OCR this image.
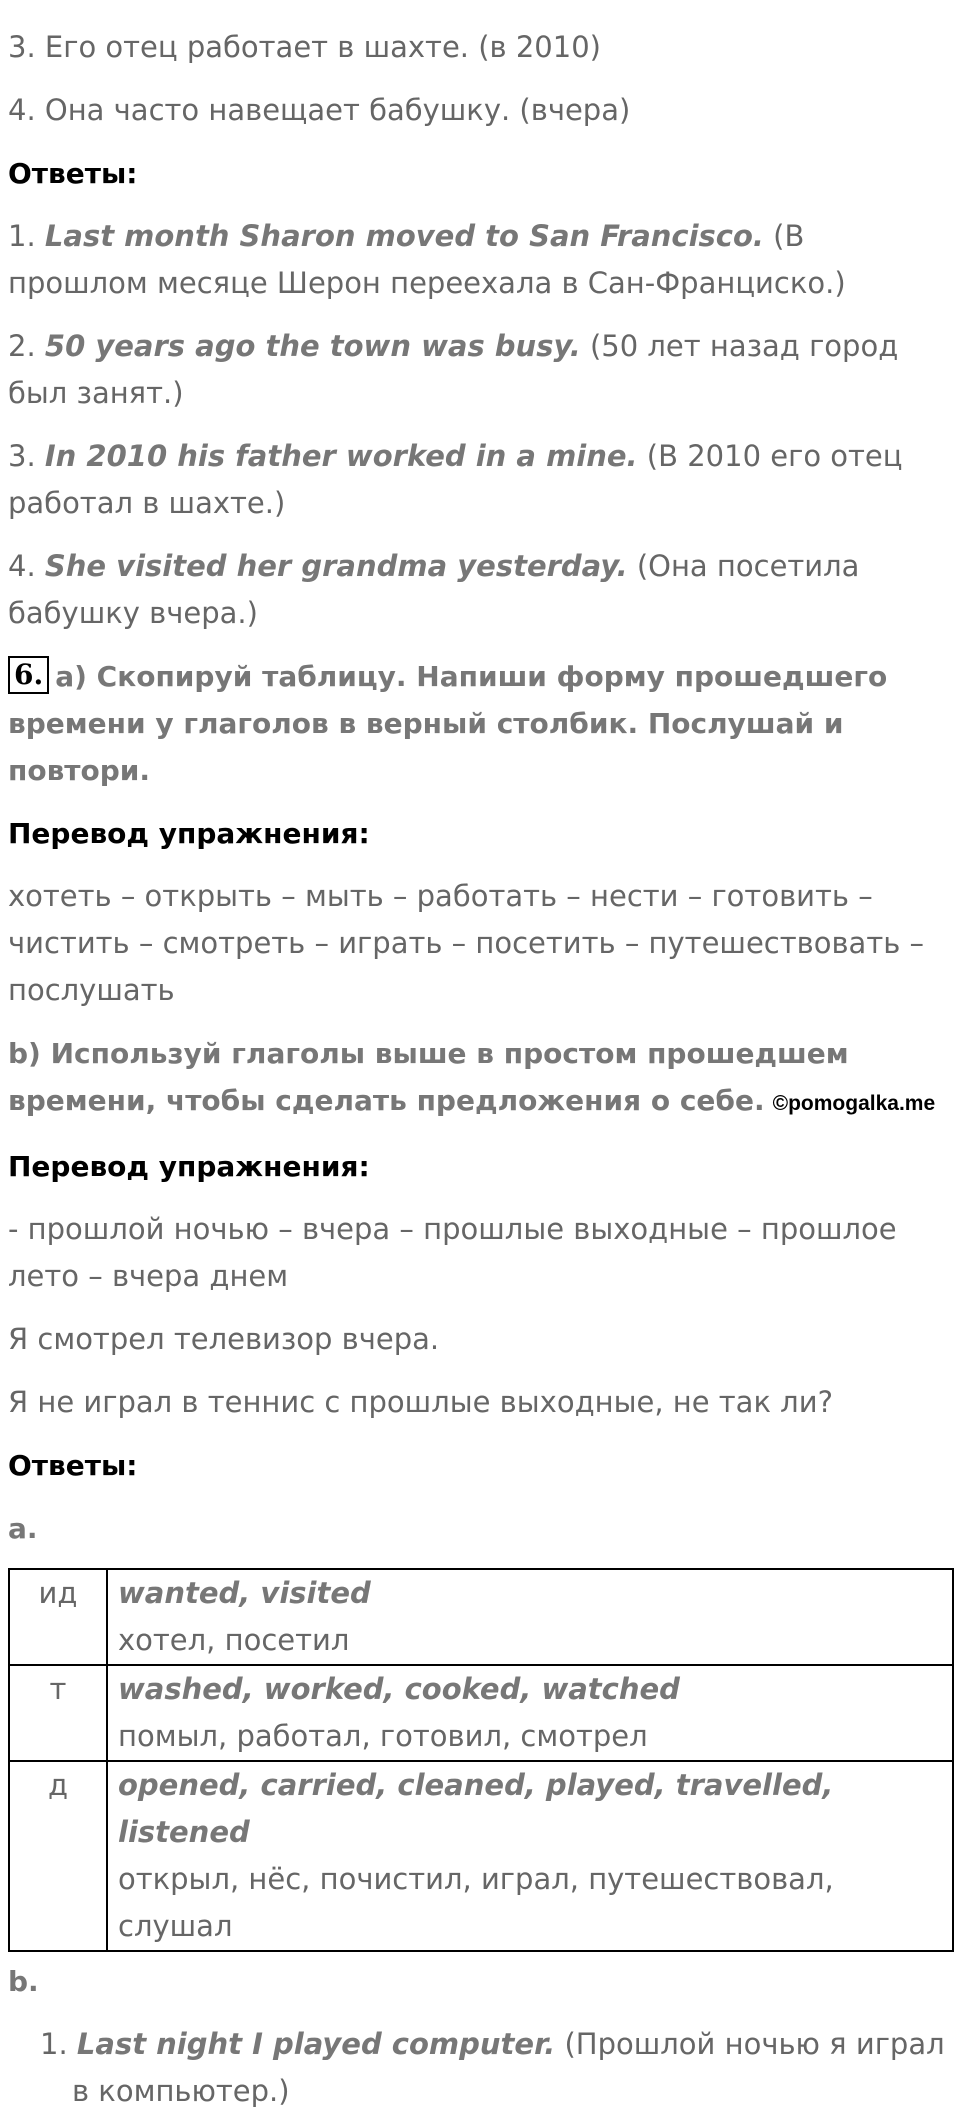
3. Его отец работает в шахте. (в 2010)

4. Она часто навещает бабушку. (вчера)

Ответы:

1. Last month Sharon moved to San Francisco. (В прошлом месяце Шерон переехала в Сан-Франциско.)

2. 50 years ago the town was busy. (50 лет назад город был занят.)

3. In 2010 his father worked in a mine. (В 2010 его отец работал в шахте.)

4. She visited her grandma yesterday. (Она посетила бабушку вчера.)

6. a) Скопируй таблицу. Напиши форму прошедшего времени у глаголов в верный столбик. Послушай и повтори.
Перевод упражнения:

хотеть – открыть – мыть – работать – нести – готовить – чистить – смотреть – играть – посетить – путешествовать – послушать

b) Используй глаголы выше в простом прошедшем времени, чтобы сделать предложения о себе. ©pomogalka.me
Перевод упражнения:

- прошлой ночью – вчера – прошлые выходные – прошлое лето – вчера днем

Я смотрел телевизор вчера.

Я не играл в теннис с прошлые выходные, не так ли?

Ответы:
a.
ид	wanted, visited
хотел, посетил

т	washed, worked, cooked, watched
помыл, работал, готовил, смотрел

д	opened, carried, cleaned, played, travelled, listened
открыл, нёс, почистил, играл, путешествовал, слушал
b.
1. Last night I played computer. (Прошлой ночью я играл в компьютер.)
